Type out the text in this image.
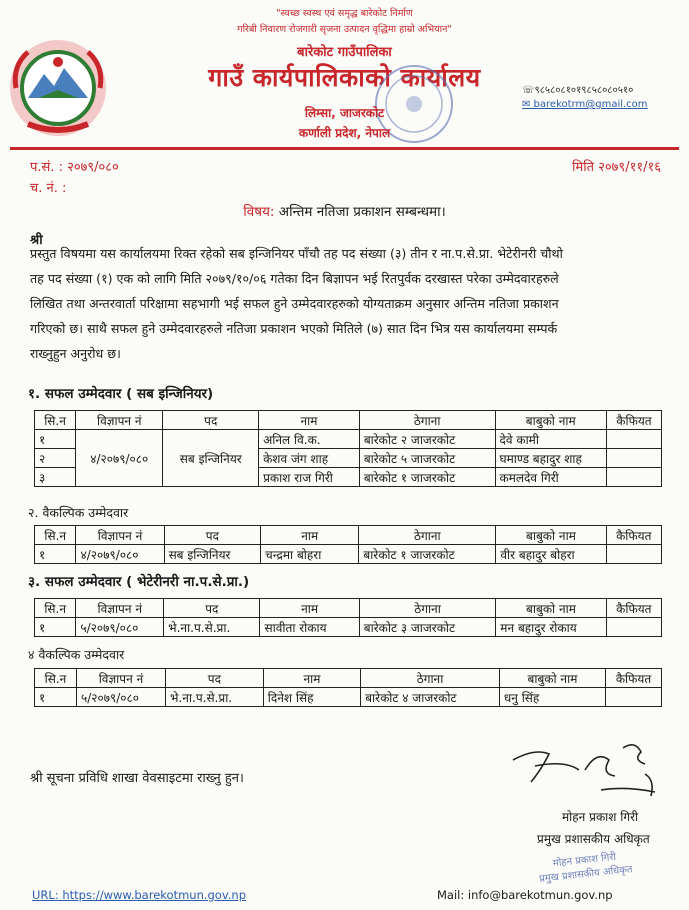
"स्वच्छ स्वस्थ एवं समृद्ध बारेकोट निर्माण
गरिबी निवारण रोजगारी सृजना उत्पादन वृद्धिमा हाम्रो अभियान"
बारेकोट गाउँपालिका
गाउँ कार्यपालिकाको कार्यालय
लिम्सा, जाजरकोट
कर्णाली प्रदेश, नेपाल
☏९८५८०८१०१९८५८०८०५१०
✉ barekotrm@gmail.com
प.सं. : २०७९/०८०	मिति २०७९/११/१६
च. नं. :
विषय: अन्तिम नतिजा प्रकाशन सम्बन्धमा।
श्री
प्रस्तुत विषयमा यस कार्यालयमा रिक्त रहेको सब इन्जिनियर पाँचौ तह पद संख्या (३) तीन र ना.प.से.प्रा. भेटेरीनरी चौथो
तह पद संख्या (१) एक को लागि मिति २०७९/१०/०६ गतेका दिन बिज्ञापन भई रितपुर्वक दरखास्त परेका उम्मेदवारहरुले
लिखित तथा अन्तरवार्ता परिक्षामा सहभागी भई सफल हुने उम्मेदवारहरुको योग्यताक्रम अनुसार अन्तिम नतिजा प्रकाशन
गरिएको छ। साथै सफल हुने उम्मेदवारहरुले नतिजा प्रकाशन भएको मितिले (७) सात दिन भित्र यस कार्यालयमा सम्पर्क
राख्नुहुन अनुरोध छ।
१. सफल उम्मेदवार ( सब इन्जिनियर)
सि.न	विज्ञापन नं	पद	नाम	ठेगाना	बाबुको नाम	कैफियत
१	४/२०७९/०८०	सब इन्जिनियर	अनिल वि.क.	बारेकोट २ जाजरकोट	देवे कामी	
२			केशव जंग शाह	बारेकोट ५ जाजरकोट	घमाण्ड बहादुर शाह	
३			प्रकाश राज गिरी	बारेकोट १ जाजरकोट	कमलदेव गिरी	
२. वैकल्पिक उम्मेदवार
सि.न	विज्ञापन नं	पद	नाम	ठेगाना	बाबुको नाम	कैफियत
१	४/२०७९/०८०	सब इन्जिनियर	चन्द्रमा बोहरा	बारेकोट १ जाजरकोट	वीर बहादुर बोहरा	
३. सफल उम्मेदवार ( भेटेरीनरी ना.प.से.प्रा.)
सि.न	विज्ञापन नं	पद	नाम	ठेगाना	बाबुको नाम	कैफियत
१	५/२०७९/०८०	भे.ना.प.से.प्रा.	सावीता रोकाय	बारेकोट ३ जाजरकोट	मन बहादुर रोकाय	
४ वैकल्पिक उम्मेदवार
सि.न	विज्ञापन नं	पद	नाम	ठेगाना	बाबुको नाम	कैफियत
१	५/२०७९/०८०	भे.ना.प.से.प्रा.	दिनेश सिंह	बारेकोट ४ जाजरकोट	धनु सिंह	
श्री सूचना प्रविधि शाखा वेवसाइटमा राख्नु हुन।
मोहन प्रकाश गिरी
प्रमुख प्रशासकीय अधिकृत
मोहन प्रकाश गिरी
प्रमुख प्रशासकीय अधिकृत
URL: https://www.barekotmun.gov.np	Mail: info@barekotmun.gov.np
